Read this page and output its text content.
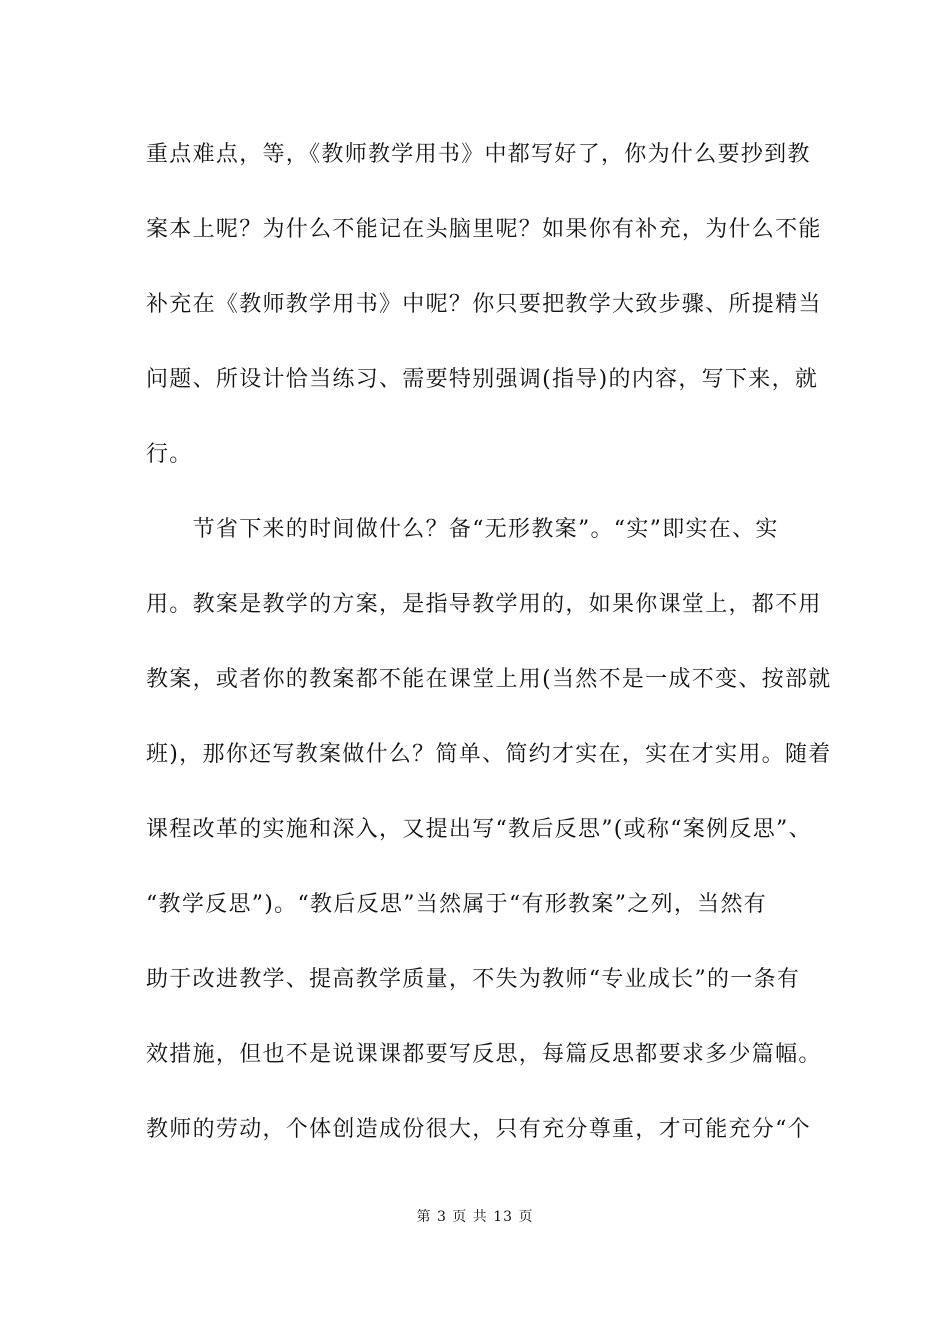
重点难点，等，《教师教学用书》中都写好了，你为什么要抄到教
案本上呢？为什么不能记在头脑里呢？如果你有补充，为什么不能
补充在《教师教学用书》中呢？你只要把教学大致步骤、所提精当
问题、所设计恰当练习、需要特别强调(指导)的内容，写下来，就
行。
　　节省下来的时间做什么？备“无形教案”。“实”即实在、实
用。教案是教学的方案，是指导教学用的，如果你课堂上，都不用
教案，或者你的教案都不能在课堂上用(当然不是一成不变、按部就
班)，那你还写教案做什么？简单、简约才实在，实在才实用。随着
课程改革的实施和深入，又提出写“教后反思”(或称“案例反思”、
“教学反思”)。“教后反思”当然属于“有形教案”之列，当然有
助于改进教学、提高教学质量，不失为教师“专业成长”的一条有
效措施，但也不是说课课都要写反思，每篇反思都要求多少篇幅。
教师的劳动，个体创造成份很大，只有充分尊重，才可能充分“个
第 3 页 共 13 页
